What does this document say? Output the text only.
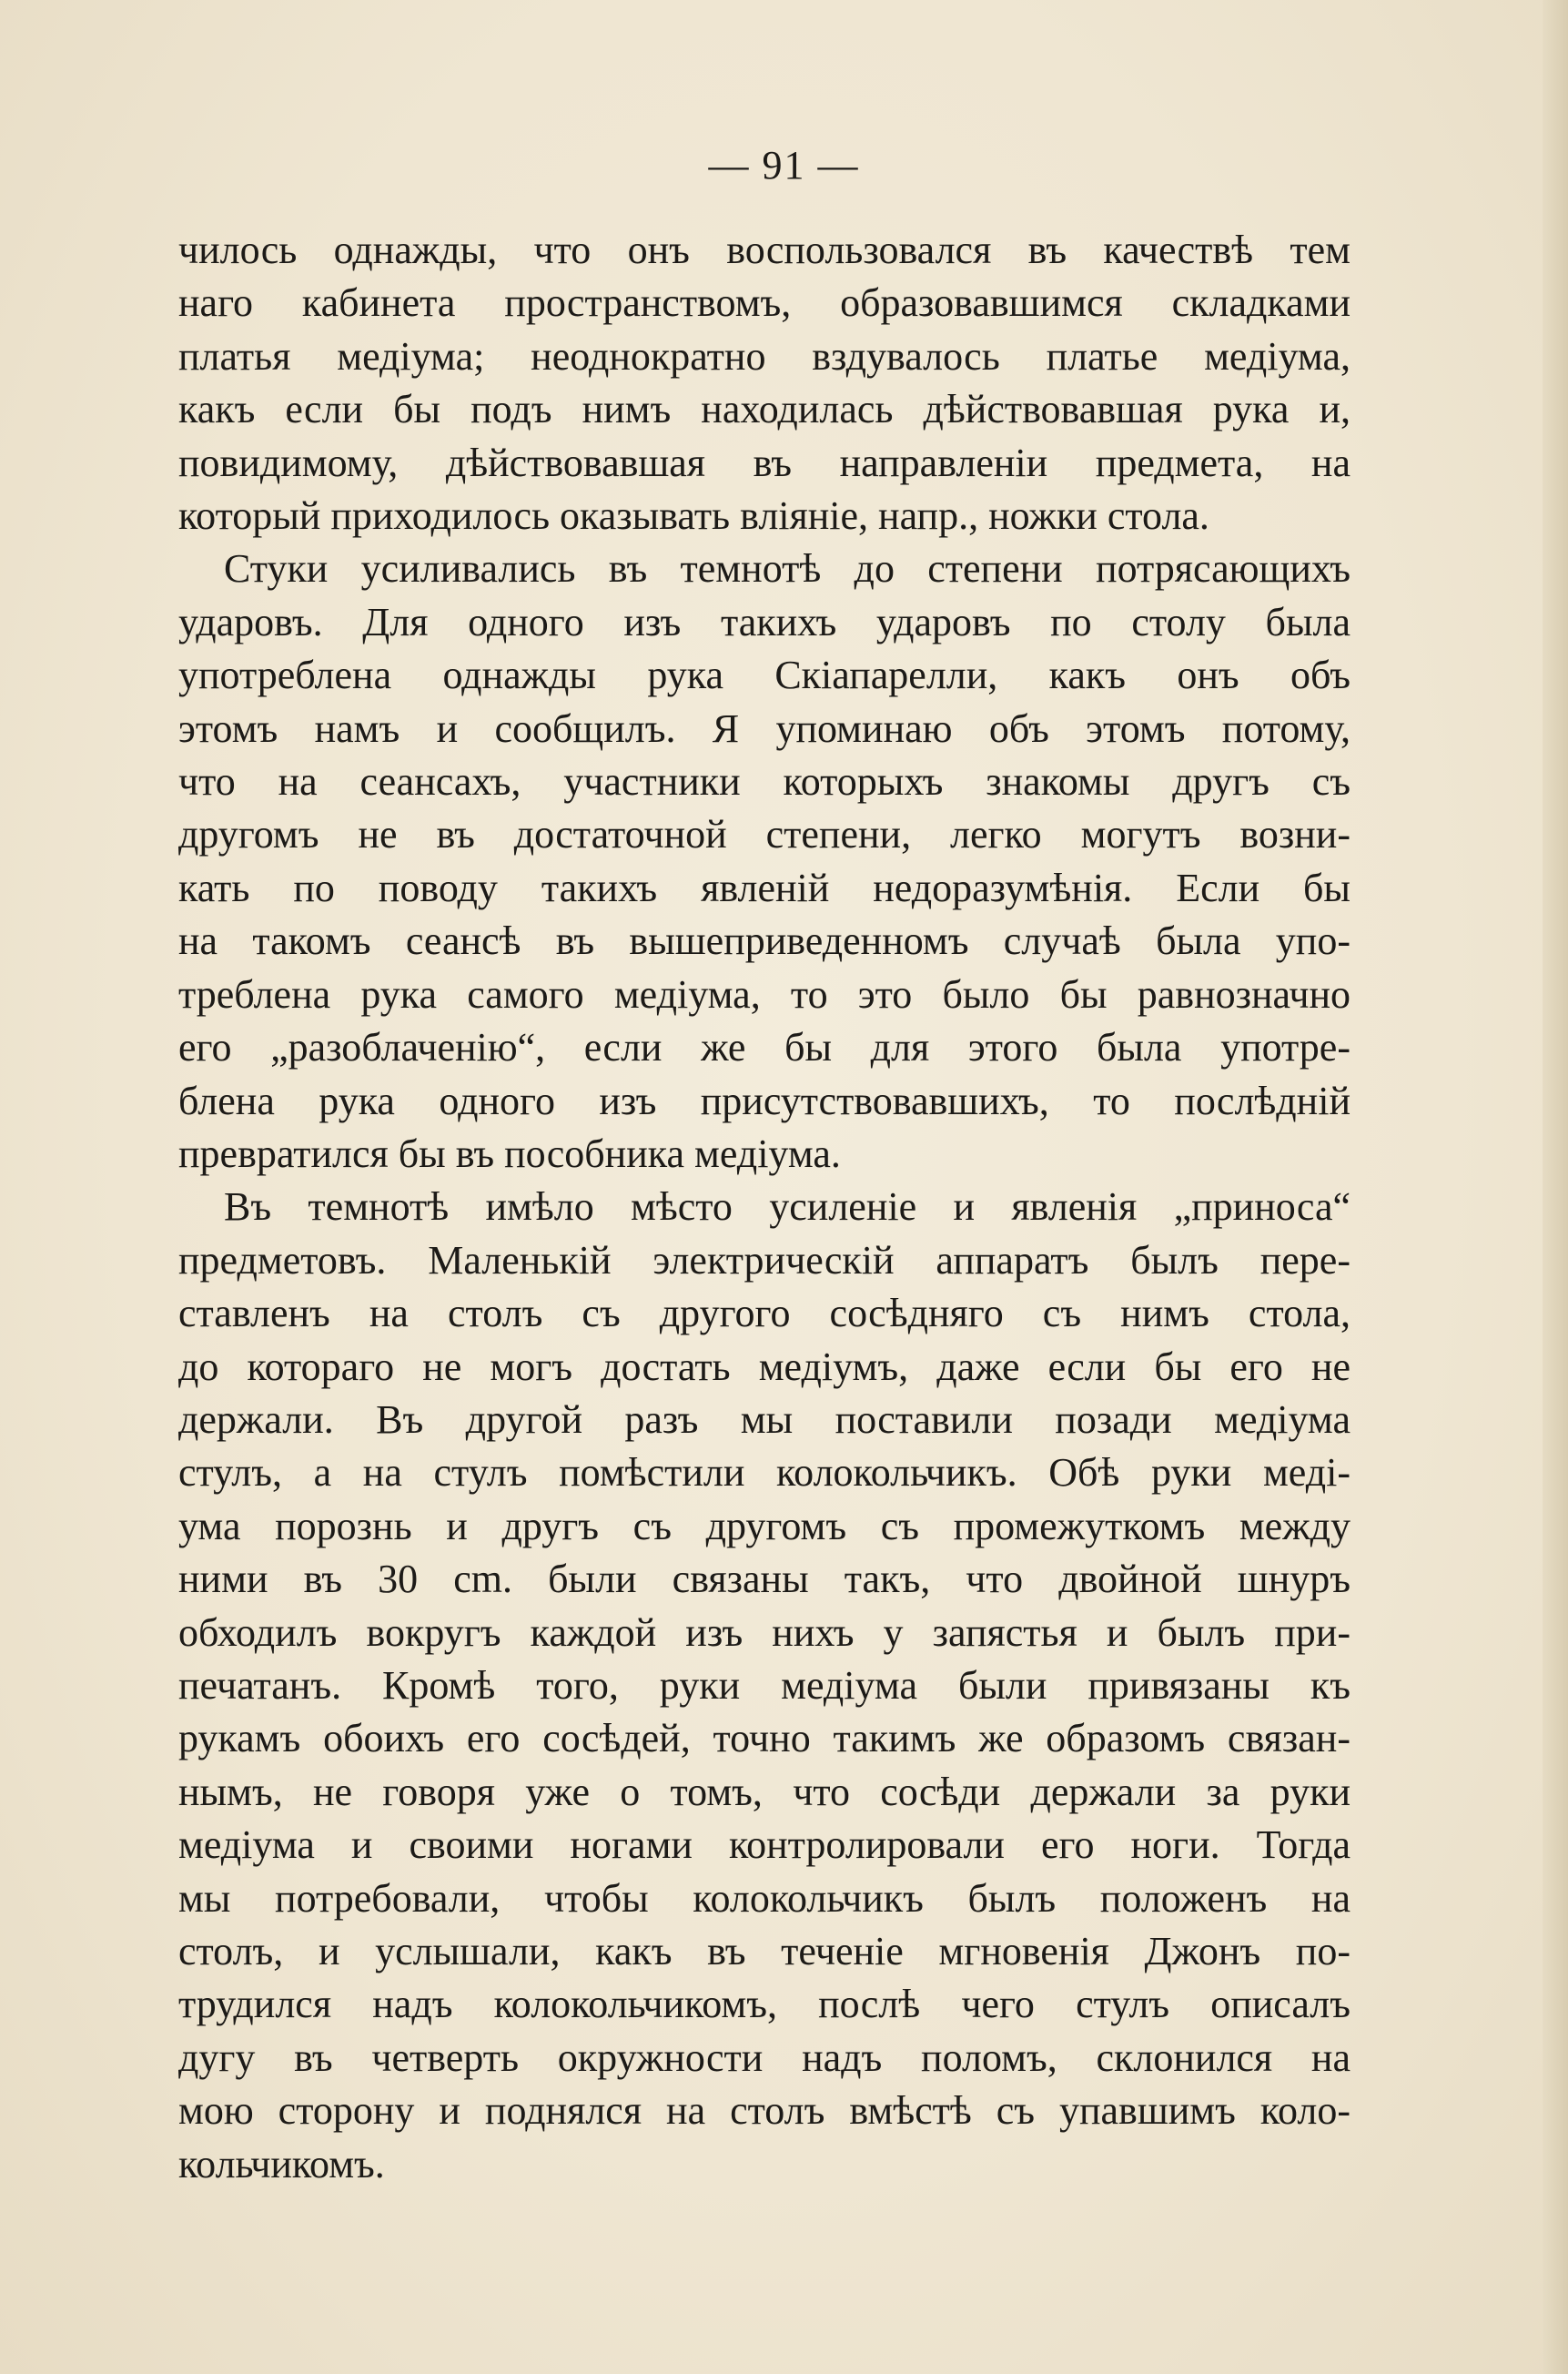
— 91 —

чилось однажды, что онъ воспользовался въ качествѣ тем
наго кабинета пространствомъ, образовавшимся складками
платья медіума; неоднократно вздувалось платье медіума,
какъ если бы подъ нимъ находилась дѣйствовавшая рука и,
повидимому, дѣйствовавшая въ направленіи предмета, на
который приходилось оказывать вліяніе, напр., ножки стола.

Стуки усиливались въ темнотѣ до степени потрясающихъ
ударовъ. Для одного изъ такихъ ударовъ по столу была
употреблена однажды рука Скіапарелли, какъ онъ объ
этомъ намъ и сообщилъ. Я упоминаю объ этомъ потому,
что на сеансахъ, участники которыхъ знакомы другъ съ
другомъ не въ достаточной степени, легко могутъ возни-
кать по поводу такихъ явленій недоразумѣнія. Если бы
на такомъ сеансѣ въ вышеприведенномъ случаѣ была упо-
треблена рука самого медіума, то это было бы равнозначно
его „разоблаченію“, если же бы для этого была употре-
блена рука одного изъ присутствовавшихъ, то послѣдній
превратился бы въ пособника медіума.

Въ темнотѣ имѣло мѣсто усиленіе и явленія „приноса“
предметовъ. Маленькій электрическій аппаратъ былъ пере-
ставленъ на столъ съ другого сосѣдняго съ нимъ стола,
до котораго не могъ достать медіумъ, даже если бы его не
держали. Въ другой разъ мы поставили позади медіума
стулъ, а на стулъ помѣстили колокольчикъ. Обѣ руки меді-
ума порознь и другъ съ другомъ съ промежуткомъ между
ними въ 30 cm. были связаны такъ, что двойной шнуръ
обходилъ вокругъ каждой изъ нихъ у запястья и былъ при-
печатанъ. Кромѣ того, руки медіума были привязаны къ
рукамъ обоихъ его сосѣдей, точно такимъ же образомъ связан-
нымъ, не говоря уже о томъ, что сосѣди держали за руки
медіума и своими ногами контролировали его ноги. Тогда
мы потребовали, чтобы колокольчикъ былъ положенъ на
столъ, и услышали, какъ въ теченіе мгновенія Джонъ по-
трудился надъ колокольчикомъ, послѣ чего стулъ описалъ
дугу въ четверть окружности надъ поломъ, склонился на
мою сторону и поднялся на столъ вмѣстѣ съ упавшимъ коло-
кольчикомъ.
